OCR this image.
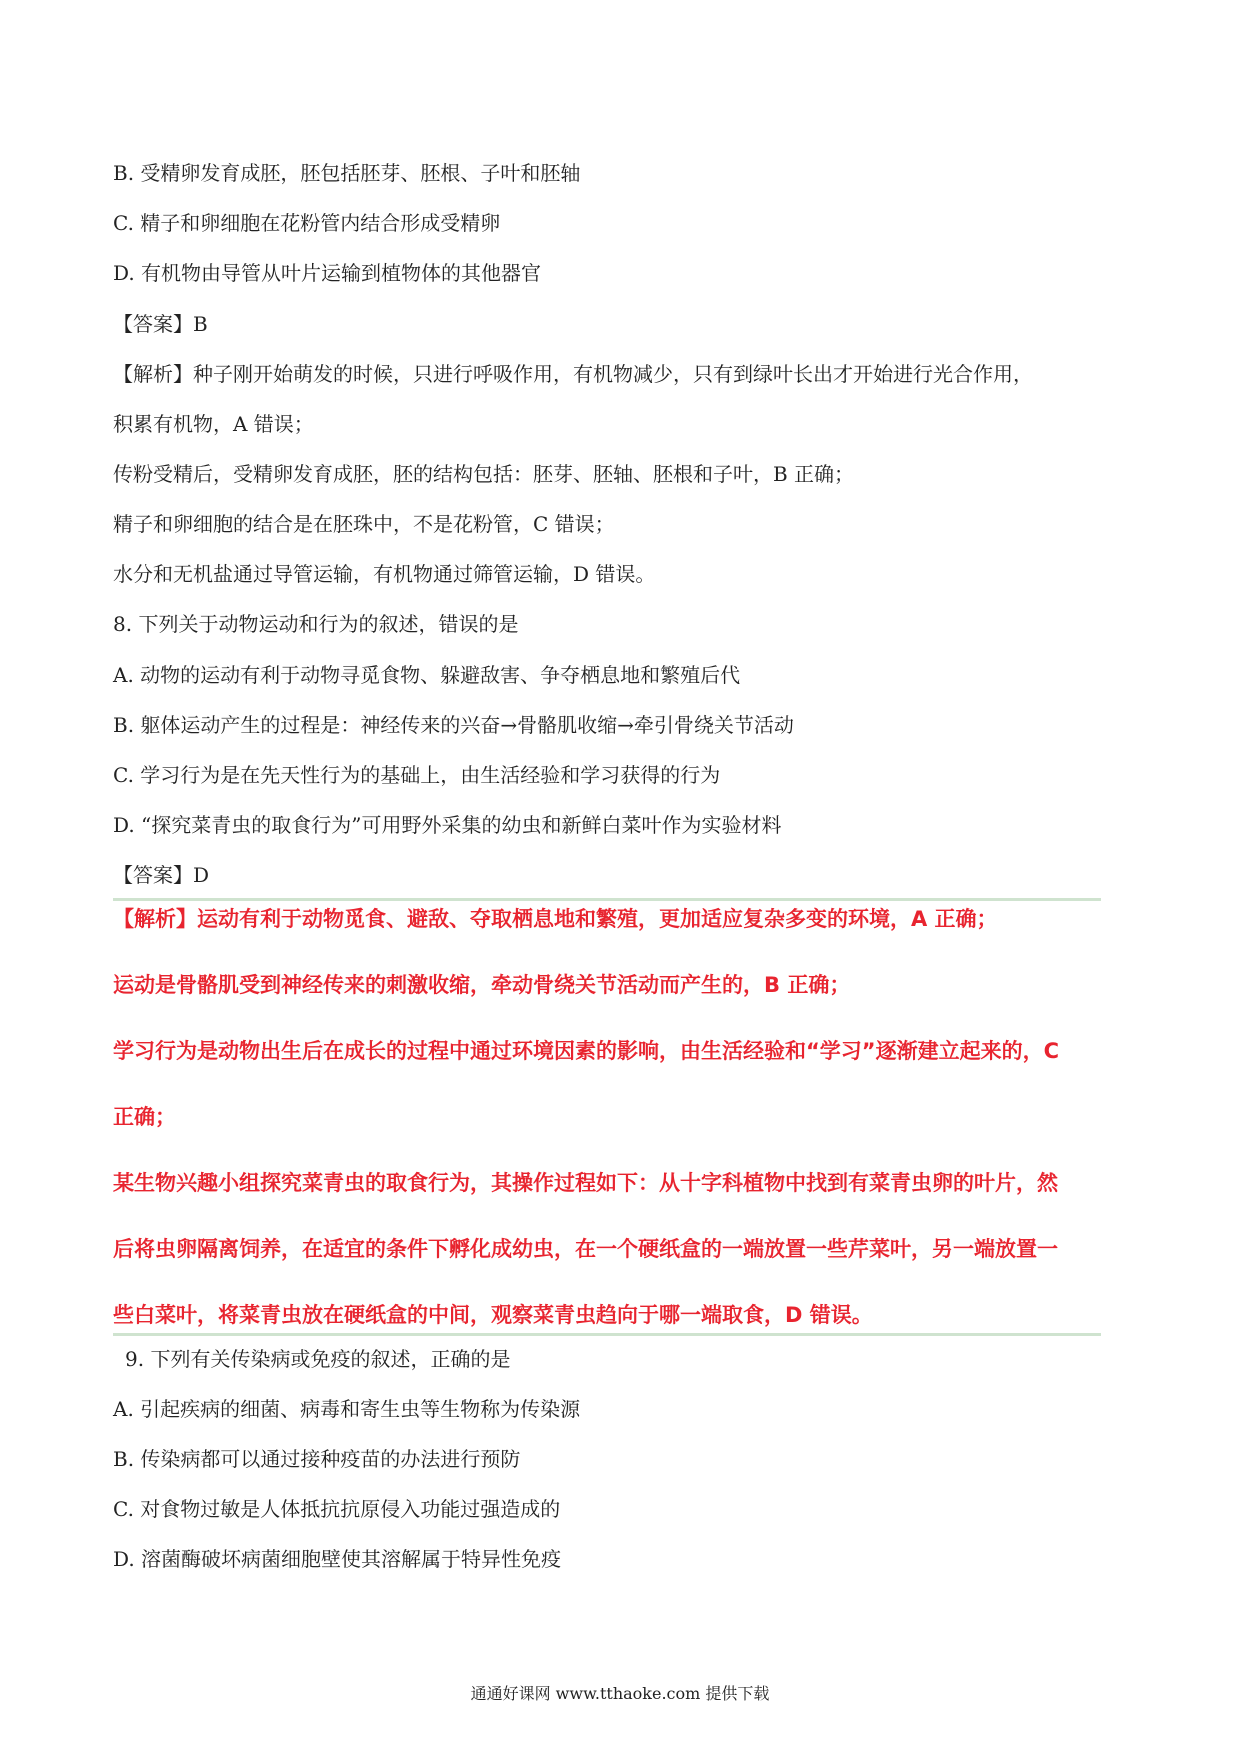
B. 受精卵发育成胚，胚包括胚芽、胚根、子叶和胚轴
C. 精子和卵细胞在花粉管内结合形成受精卵
D. 有机物由导管从叶片运输到植物体的其他器官
【答案】B
【解析】种子刚开始萌发的时候，只进行呼吸作用，有机物减少，只有到绿叶长出才开始进行光合作用，
积累有机物，A 错误；
传粉受精后，受精卵发育成胚，胚的结构包括：胚芽、胚轴、胚根和子叶，B 正确；
精子和卵细胞的结合是在胚珠中，不是花粉管，C 错误；
水分和无机盐通过导管运输，有机物通过筛管运输，D 错误。
8. 下列关于动物运动和行为的叙述，错误的是
A. 动物的运动有利于动物寻觅食物、躲避敌害、争夺栖息地和繁殖后代
B. 躯体运动产生的过程是：神经传来的兴奋→骨骼肌收缩→牵引骨绕关节活动
C. 学习行为是在先天性行为的基础上，由生活经验和学习获得的行为
D. “探究菜青虫的取食行为”可用野外采集的幼虫和新鲜白菜叶作为实验材料
【答案】D
【解析】运动有利于动物觅食、避敌、夺取栖息地和繁殖，更加适应复杂多变的环境，A 正确；
运动是骨骼肌受到神经传来的刺激收缩，牵动骨绕关节活动而产生的，B 正确；
学习行为是动物出生后在成长的过程中通过环境因素的影响，由生活经验和“学习”逐渐建立起来的，C
正确；
某生物兴趣小组探究菜青虫的取食行为，其操作过程如下：从十字科植物中找到有菜青虫卵的叶片，然
后将虫卵隔离饲养，在适宜的条件下孵化成幼虫，在一个硬纸盒的一端放置一些芹菜叶，另一端放置一
些白菜叶，将菜青虫放在硬纸盒的中间，观察菜青虫趋向于哪一端取食，D 错误。
9. 下列有关传染病或免疫的叙述，正确的是
A. 引起疾病的细菌、病毒和寄生虫等生物称为传染源
B. 传染病都可以通过接种疫苗的办法进行预防
C. 对食物过敏是人体抵抗抗原侵入功能过强造成的
D. 溶菌酶破坏病菌细胞壁使其溶解属于特异性免疫
通通好课网 www.tthaoke.com 提供下载
